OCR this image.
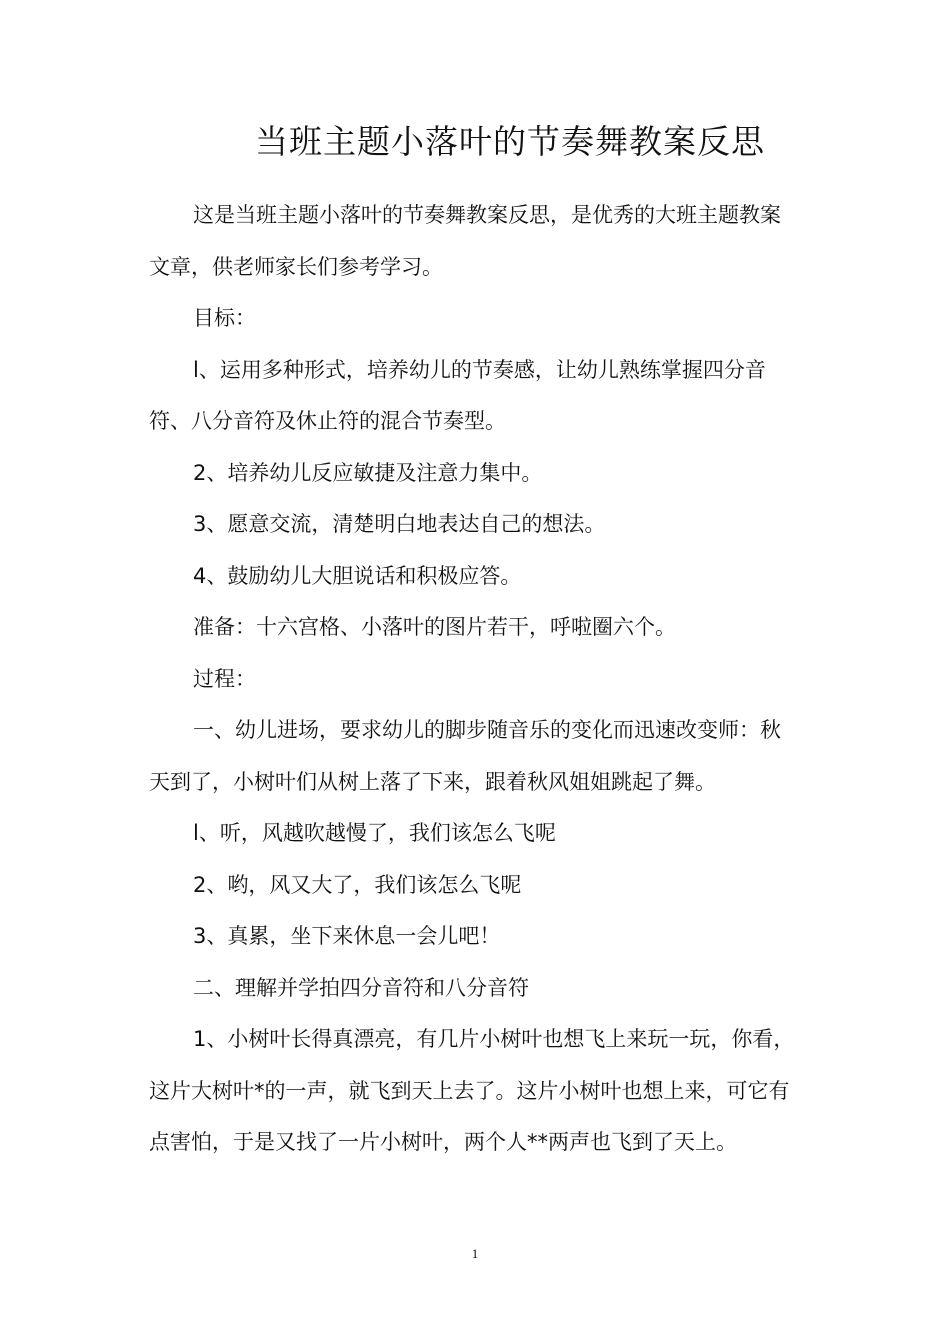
当班主题小落叶的节奏舞教案反思

这是当班主题小落叶的节奏舞教案反思，是优秀的大班主题教案文章，供老师家长们参考学习。

目标：

l、运用多种形式，培养幼儿的节奏感，让幼儿熟练掌握四分音符、八分音符及休止符的混合节奏型。

2、培养幼儿反应敏捷及注意力集中。

3、愿意交流，清楚明白地表达自己的想法。

4、鼓励幼儿大胆说话和积极应答。

准备：十六宫格、小落叶的图片若干，呼啦圈六个。

过程：

一、幼儿进场，要求幼儿的脚步随音乐的变化而迅速改变师：秋天到了，小树叶们从树上落了下来，跟着秋风姐姐跳起了舞。

l、听，风越吹越慢了，我们该怎么飞呢

2、哟，风又大了，我们该怎么飞呢

3、真累，坐下来休息一会儿吧！

二、理解并学拍四分音符和八分音符

1、小树叶长得真漂亮，有几片小树叶也想飞上来玩一玩，你看，这片大树叶*的一声，就飞到天上去了。这片小树叶也想上来，可它有点害怕，于是又找了一片小树叶，两个人**两声也飞到了天上。

1
